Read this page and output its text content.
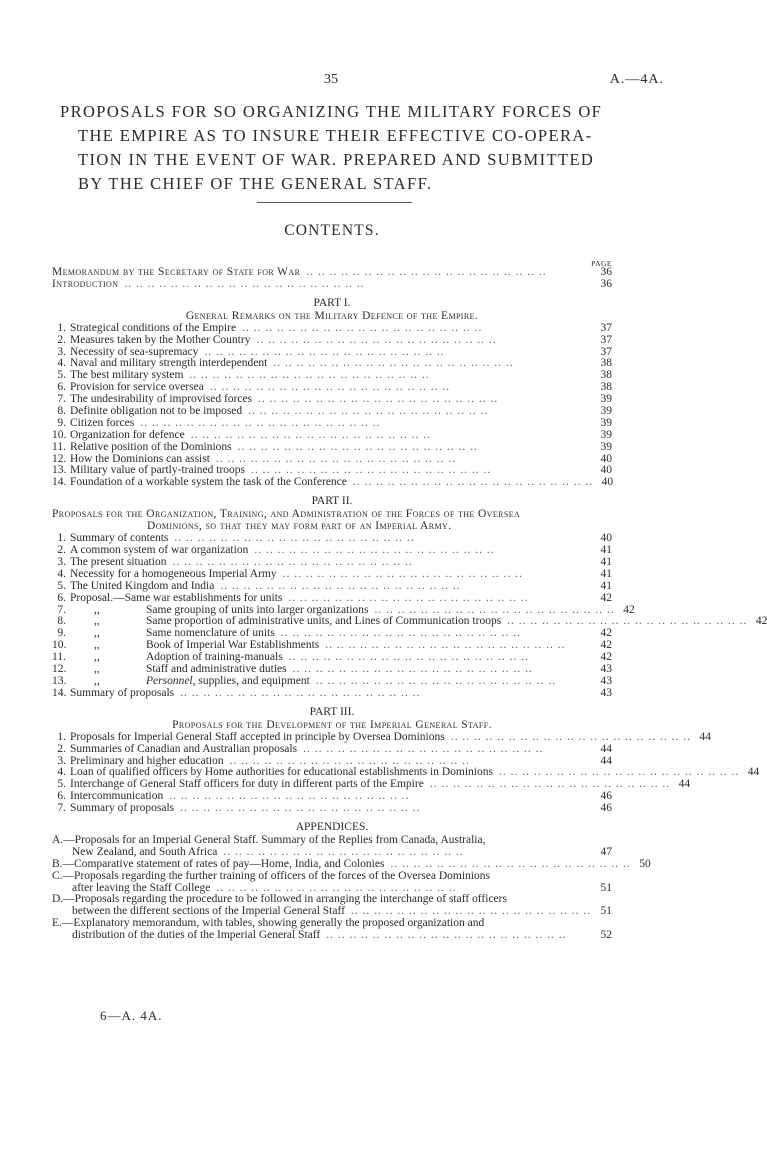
35	A.—4A.
PROPOSALS FOR SO ORGANIZING THE MILITARY FORCES OF
THE EMPIRE AS TO INSURE THEIR EFFECTIVE CO-OPERA-
TION IN THE EVENT OF WAR. PREPARED AND SUBMITTED
BY THE CHIEF OF THE GENERAL STAFF.
CONTENTS.
PAGE
Memorandum by the Secretary of State for War .. .. .. .. .. .. .. .. .. .. .. .. .. .. .. .. .. .. .. .. ..	36
Introduction .. .. .. .. .. .. .. .. .. .. .. .. .. .. .. .. .. .. .. .. ..	36
PART I.
General Remarks on the Military Defence of the Empire.
1. Strategical conditions of the Empire .. .. .. .. .. .. .. .. .. .. .. .. .. .. .. .. .. .. .. .. ..	37
2. Measures taken by the Mother Country .. .. .. .. .. .. .. .. .. .. .. .. .. .. .. .. .. .. .. .. ..	37
3. Necessity of sea-supremacy .. .. .. .. .. .. .. .. .. .. .. .. .. .. .. .. .. .. .. .. ..	37
4. Naval and military strength interdependent .. .. .. .. .. .. .. .. .. .. .. .. .. .. .. .. .. .. .. .. ..	38
5. The best military system .. .. .. .. .. .. .. .. .. .. .. .. .. .. .. .. .. .. .. .. ..	38
6. Provision for service oversea .. .. .. .. .. .. .. .. .. .. .. .. .. .. .. .. .. .. .. .. ..	38
7. The undesirability of improvised forces .. .. .. .. .. .. .. .. .. .. .. .. .. .. .. .. .. .. .. .. ..	39
8. Definite obligation not to be imposed .. .. .. .. .. .. .. .. .. .. .. .. .. .. .. .. .. .. .. .. ..	39
9. Citizen forces .. .. .. .. .. .. .. .. .. .. .. .. .. .. .. .. .. .. .. .. ..	39
10. Organization for defence .. .. .. .. .. .. .. .. .. .. .. .. .. .. .. .. .. .. .. .. ..	39
11. Relative position of the Dominions .. .. .. .. .. .. .. .. .. .. .. .. .. .. .. .. .. .. .. .. ..	39
12. How the Dominions can assist .. .. .. .. .. .. .. .. .. .. .. .. .. .. .. .. .. .. .. .. ..	40
13. Military value of partly-trained troops .. .. .. .. .. .. .. .. .. .. .. .. .. .. .. .. .. .. .. .. ..	40
14. Foundation of a workable system the task of the Conference .. .. .. .. .. .. .. .. .. .. .. .. .. .. .. .. .. .. .. .. .. 40
PART II.
Proposals for the Organization, Training, and Administration of the Forces of the Oversea
Dominions, so that they may form part of an Imperial Army.
1. Summary of contents .. .. .. .. .. .. .. .. .. .. .. .. .. .. .. .. .. .. .. .. ..	40
2. A common system of war organization .. .. .. .. .. .. .. .. .. .. .. .. .. .. .. .. .. .. .. .. ..	41
3. The present situation .. .. .. .. .. .. .. .. .. .. .. .. .. .. .. .. .. .. .. .. ..	41
4. Necessity for a homogeneous Imperial Army .. .. .. .. .. .. .. .. .. .. .. .. .. .. .. .. .. .. .. .. ..	41
5. The United Kingdom and India .. .. .. .. .. .. .. .. .. .. .. .. .. .. .. .. .. .. .. .. ..	41
6. Proposal.—Same war establishments for units .. .. .. .. .. .. .. .. .. .. .. .. .. .. .. .. .. .. .. .. ..	42
7. ,,	Same grouping of units into larger organizations .. .. .. .. .. .. .. .. .. .. .. .. .. .. .. .. .. .. .. .. .. 42
8. ,,	Same proportion of administrative units, and Lines of Communication troops .. .. .. .. .. .. .. .. .. .. .. .. .. .. .. .. .. .. .. .. .. 42
9. ,,	Same nomenclature of units .. .. .. .. .. .. .. .. .. .. .. .. .. .. .. .. .. .. .. .. ..	42
10. ,,	Book of Imperial War Establishments .. .. .. .. .. .. .. .. .. .. .. .. .. .. .. .. .. .. .. .. ..	42
11. ,,	Adoption of training-manuals .. .. .. .. .. .. .. .. .. .. .. .. .. .. .. .. .. .. .. .. ..	42
12. ,,	Staff and administrative duties .. .. .. .. .. .. .. .. .. .. .. .. .. .. .. .. .. .. .. .. ..	43
13. ,,	Personnel, supplies, and equipment .. .. .. .. .. .. .. .. .. .. .. .. .. .. .. .. .. .. .. .. ..	43
14. Summary of proposals .. .. .. .. .. .. .. .. .. .. .. .. .. .. .. .. .. .. .. .. ..	43
PART III.
Proposals for the Development of the Imperial General Staff.
1. Proposals for Imperial General Staff accepted in principle by Oversea Dominions .. .. .. .. .. .. .. .. .. .. .. .. .. .. .. .. .. .. .. .. .. 44
2. Summaries of Canadian and Australian proposals .. .. .. .. .. .. .. .. .. .. .. .. .. .. .. .. .. .. .. .. ..	44
3. Preliminary and higher education .. .. .. .. .. .. .. .. .. .. .. .. .. .. .. .. .. .. .. .. ..	44
4. Loan of qualified officers by Home authorities for educational establishments in Dominions .. .. .. .. .. .. .. .. .. .. .. .. .. .. .. .. .. .. .. .. .. 44
5. Interchange of General Staff officers for duty in different parts of the Empire .. .. .. .. .. .. .. .. .. .. .. .. .. .. .. .. .. .. .. .. .. 44
6. Intercommunication .. .. .. .. .. .. .. .. .. .. .. .. .. .. .. .. .. .. .. .. ..	46
7. Summary of proposals .. .. .. .. .. .. .. .. .. .. .. .. .. .. .. .. .. .. .. .. ..	46
APPENDICES.
A.—Proposals for an Imperial General Staff. Summary of the Replies from Canada, Australia,
New Zealand, and South Africa .. .. .. .. .. .. .. .. .. .. .. .. .. .. .. .. .. .. .. .. ..	47
B.—Comparative statement of rates of pay—Home, India, and Colonies .. .. .. .. .. .. .. .. .. .. .. .. .. .. .. .. .. .. .. .. .. 50
C.—Proposals regarding the further training of officers of the forces of the Oversea Dominions
after leaving the Staff College .. .. .. .. .. .. .. .. .. .. .. .. .. .. .. .. .. .. .. .. ..	51
D.—Proposals regarding the procedure to be followed in arranging the interchange of staff officers
between the different sections of the Imperial General Staff .. .. .. .. .. .. .. .. .. .. .. .. .. .. .. .. .. .. .. .. .. 51
E.—Explanatory memorandum, with tables, showing generally the proposed organization and
distribution of the duties of the Imperial General Staff .. .. .. .. .. .. .. .. .. .. .. .. .. .. .. .. .. .. .. .. ..	52
6—A. 4A.
